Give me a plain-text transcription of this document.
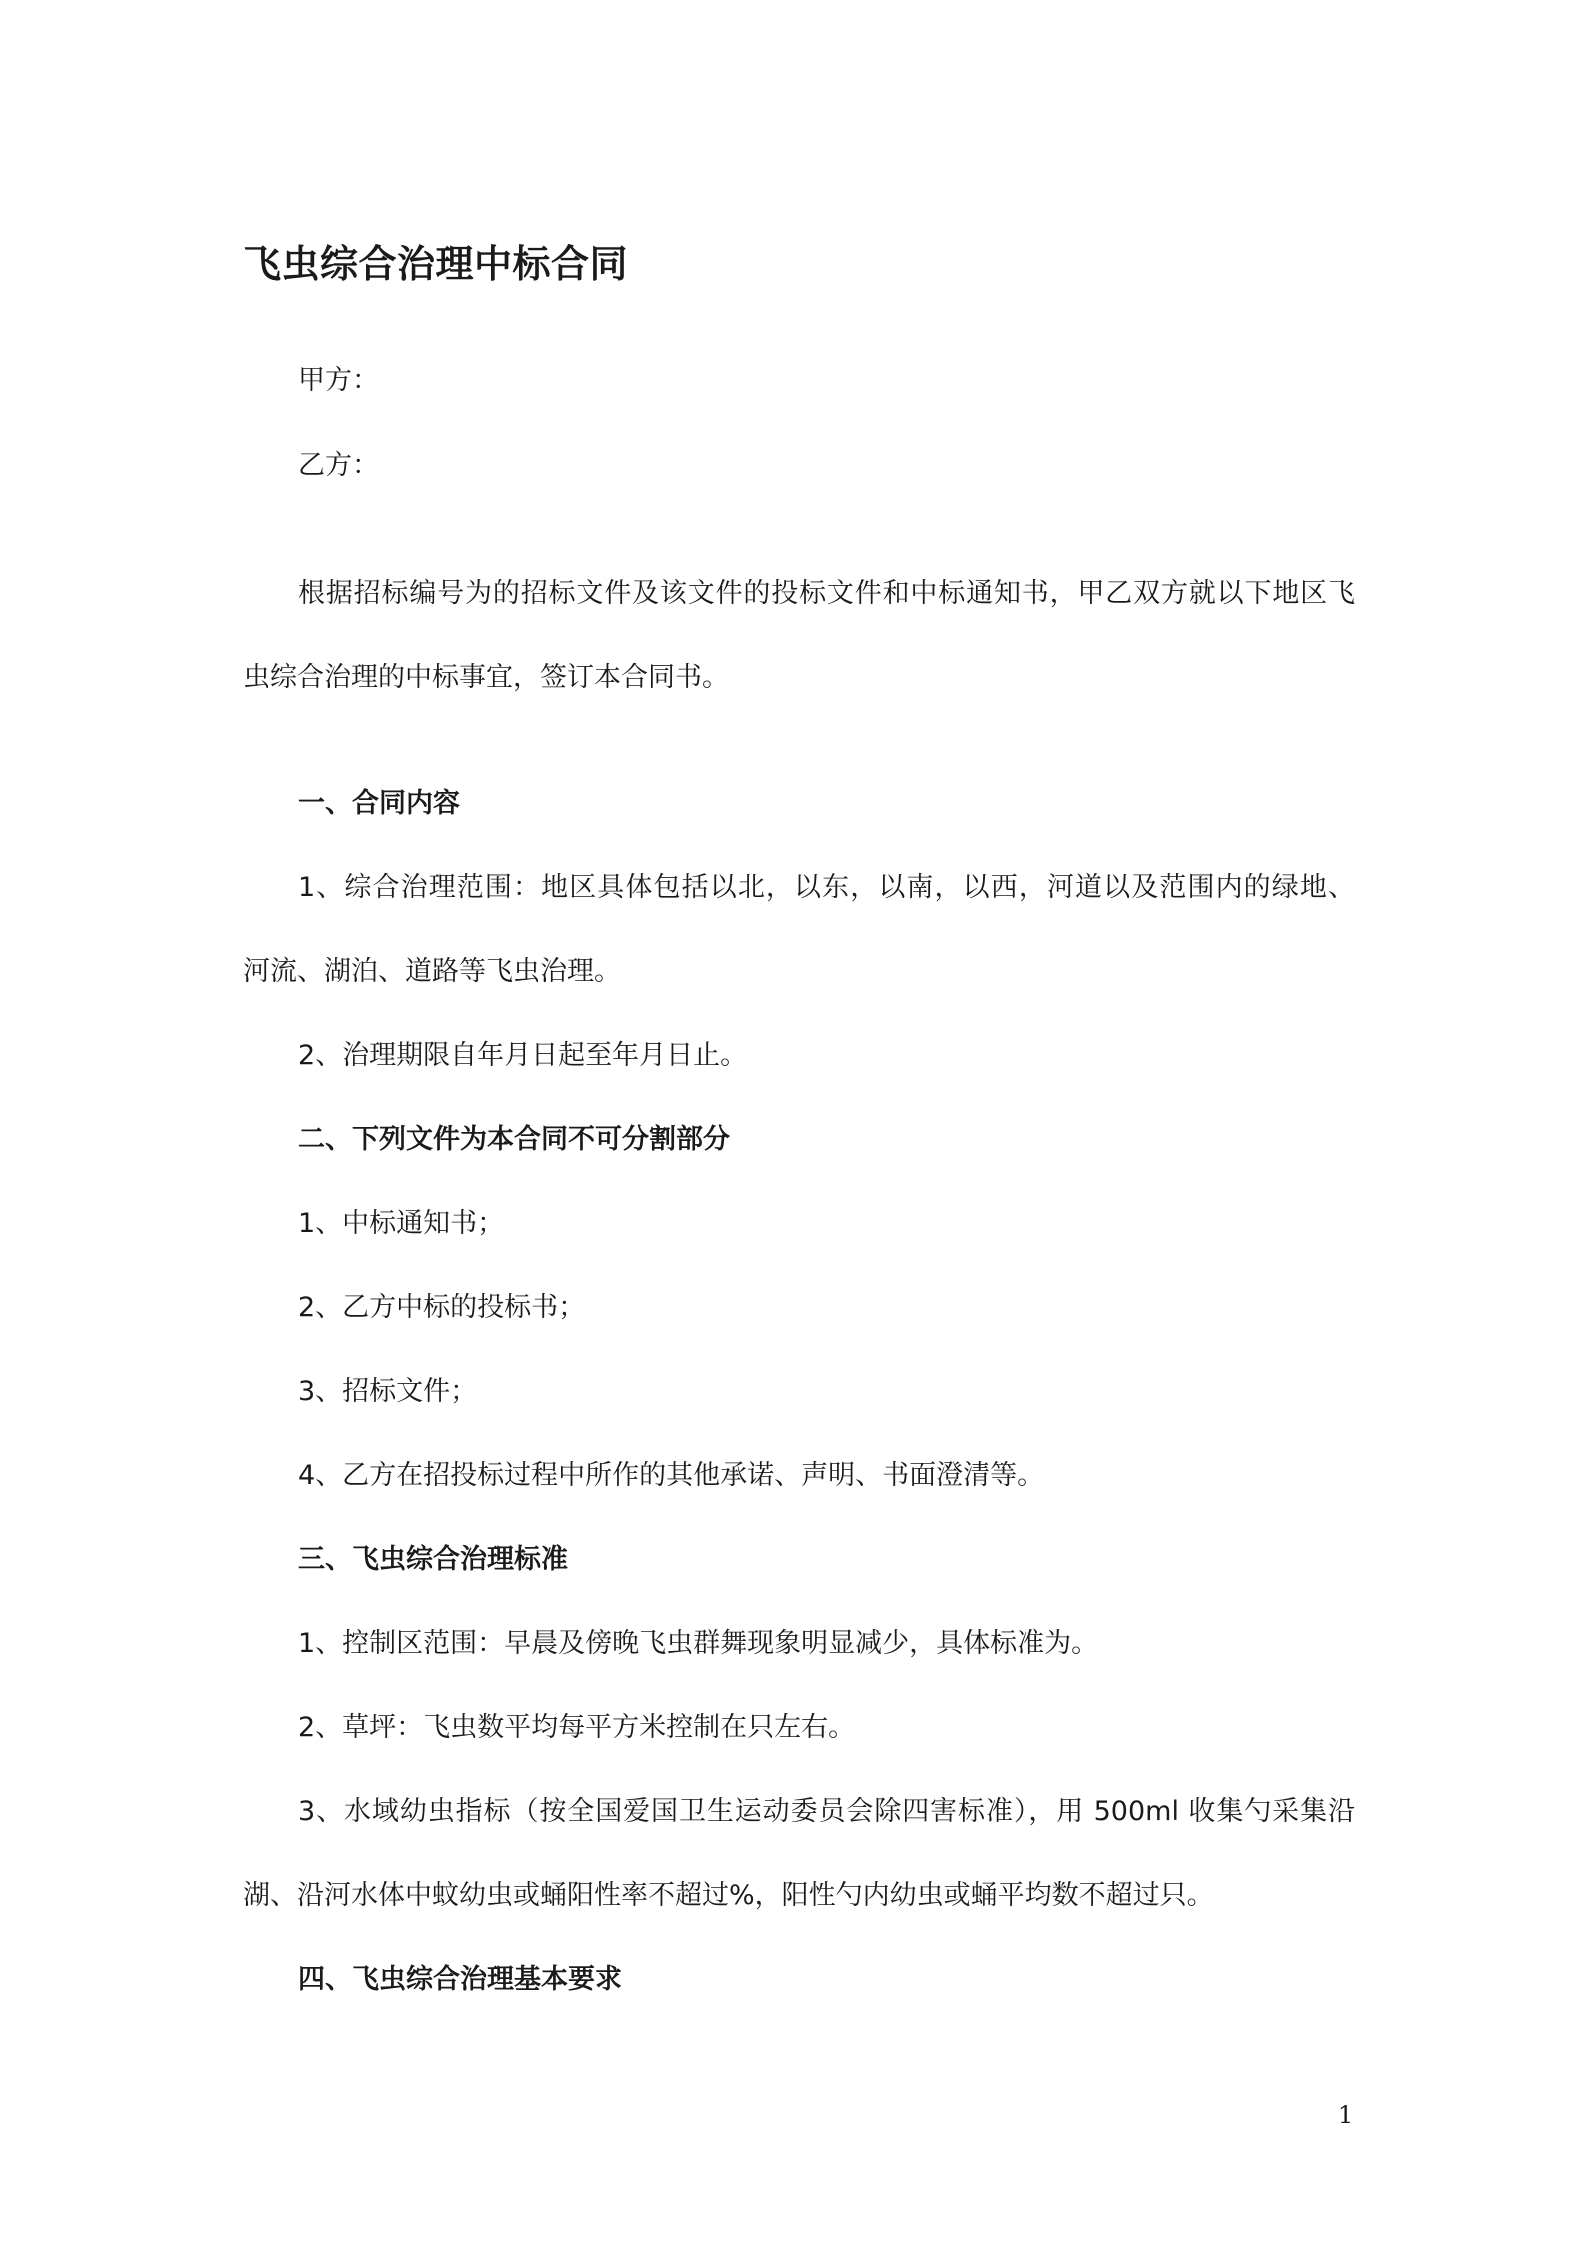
飞虫综合治理中标合同

甲方：

乙方：

根据招标编号为的招标文件及该文件的投标文件和中标通知书，甲乙双方就以下地区飞

虫综合治理的中标事宜，签订本合同书。

一、合同内容

1、综合治理范围：地区具体包括以北，以东，以南，以西，河道以及范围内的绿地、

河流、湖泊、道路等飞虫治理。

2、治理期限自年月日起至年月日止。

二、下列文件为本合同不可分割部分

1、中标通知书；

2、乙方中标的投标书；

3、招标文件；

4、乙方在招投标过程中所作的其他承诺、声明、书面澄清等。

三、飞虫综合治理标准

1、控制区范围：早晨及傍晚飞虫群舞现象明显减少，具体标准为。

2、草坪：飞虫数平均每平方米控制在只左右。

3、水域幼虫指标（按全国爱国卫生运动委员会除四害标准），用 500ml 收集勺采集沿

湖、沿河水体中蚊幼虫或蛹阳性率不超过%，阳性勺内幼虫或蛹平均数不超过只。

四、飞虫综合治理基本要求

1
